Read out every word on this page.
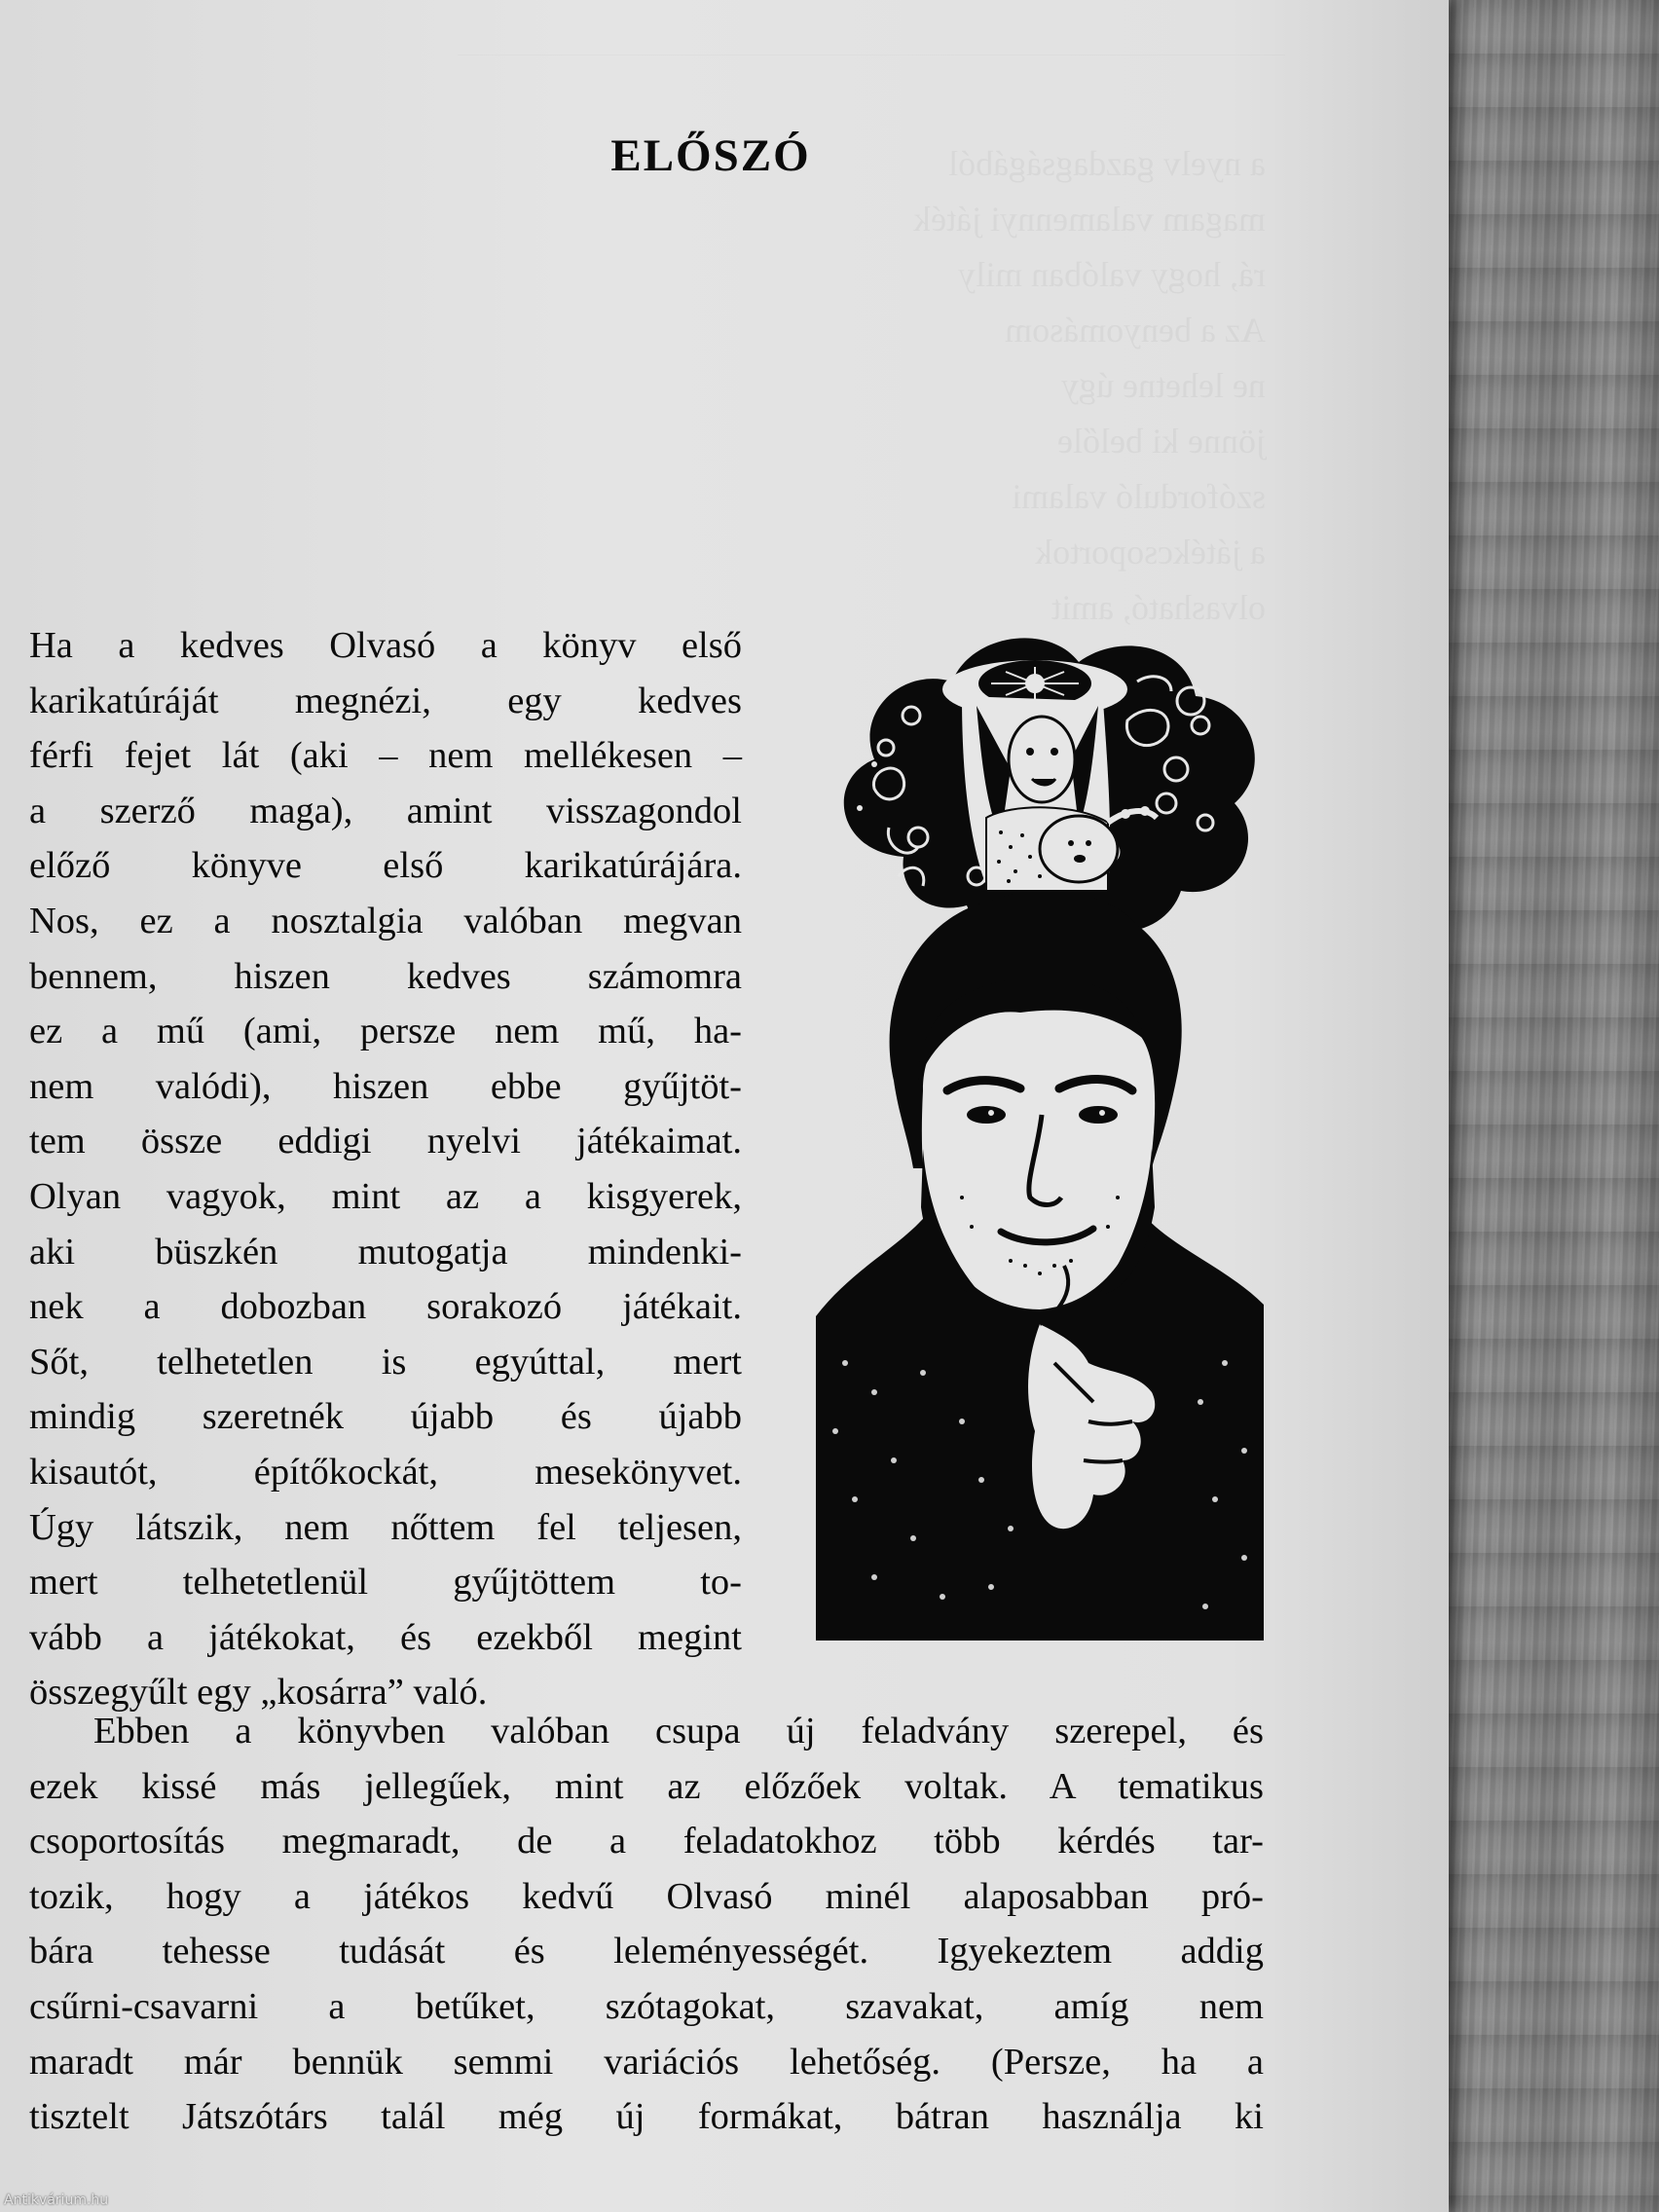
a nyelv gazdagságából
magam valamennyi játék
rá, hogy valóban mily
Az a benyomásom
ne lehetne úgy
jönne ki belőle
szóforduló valami
a játékcsoportok
olvasható, amit
ELŐSZÓ
Ha a kedves Olvasó a könyv első
karikatúráját megnézi, egy kedves
férfi fejet lát (aki – nem mellékesen –
a szerző maga), amint visszagondol
előző könyve első karikatúrájára.
Nos, ez a nosztalgia valóban megvan
bennem, hiszen kedves számomra
ez a mű (ami, persze nem mű, ha-
nem valódi), hiszen ebbe gyűjtöt-
tem össze eddigi nyelvi játékaimat.
Olyan vagyok, mint az a kisgyerek,
aki büszkén mutogatja mindenki-
nek a dobozban sorakozó játékait.
Sőt, telhetetlen is egyúttal, mert
mindig szeretnék újabb és újabb
kisautót, építőkockát, mesekönyvet.
Úgy látszik, nem nőttem fel teljesen,
mert telhetetlenül gyűjtöttem to-
vább a játékokat, és ezekből megint
összegyűlt egy „kosárra” való.
Ebben a könyvben valóban csupa új feladvány szerepel, és
ezek kissé más jellegűek, mint az előzőek voltak. A tematikus
csoportosítás megmaradt, de a feladatokhoz több kérdés tar-
tozik, hogy a játékos kedvű Olvasó minél alaposabban pró-
bára tehesse tudását és leleményességét. Igyekeztem addig
csűrni-csavarni a betűket, szótagokat, szavakat, amíg nem
maradt már bennük semmi variációs lehetőség. (Persze, ha a
tisztelt Játszótárs talál még új formákat, bátran használja ki
Antikvárium.hu
